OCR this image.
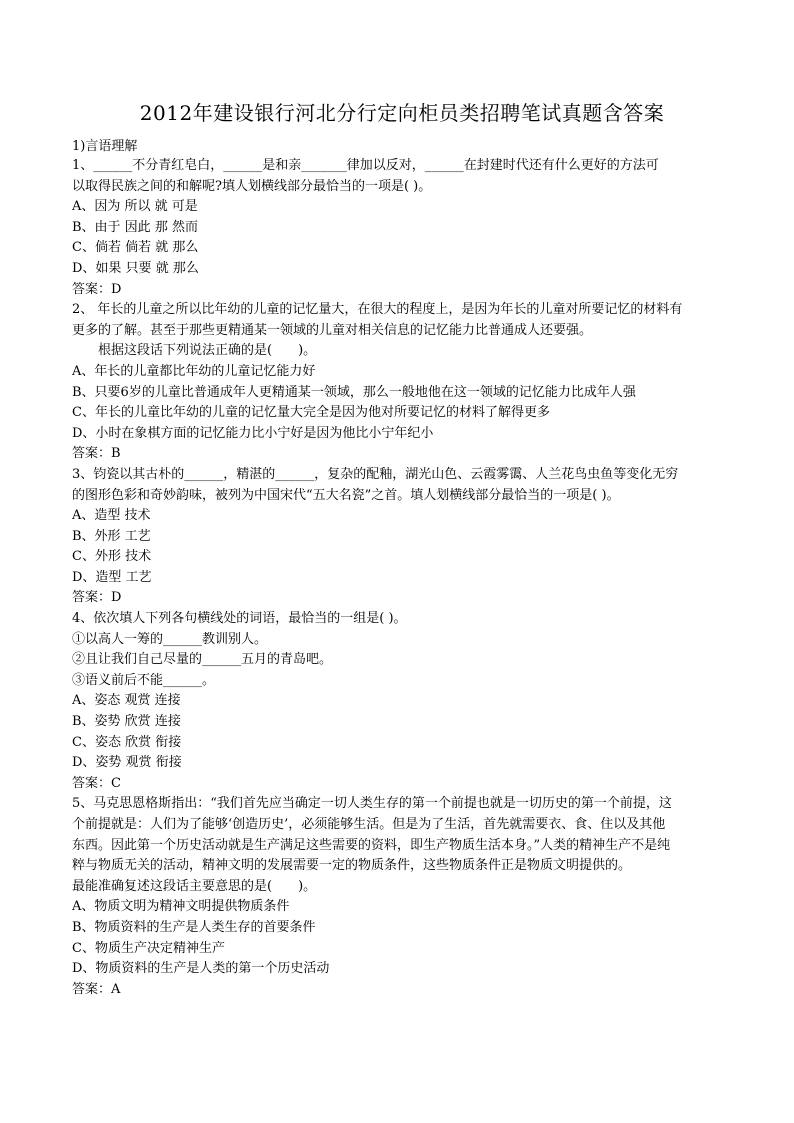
2012年建设银行河北分行定向柜员类招聘笔试真题含答案
1)言语理解
1、______不分青红皂白，______是和亲_______律加以反对，______在封建时代还有什么更好的方法可
以取得民族之间的和解呢?填人划横线部分最恰当的一项是( )。
A、因为 所以 就 可是
B、由于 因此 那 然而
C、倘若 倘若 就 那么
D、如果 只要 就 那么
答案：D
2、 年长的儿童之所以比年幼的儿童的记忆量大，在很大的程度上，是因为年长的儿童对所要记忆的材料有
更多的了解。甚至于那些更精通某一领域的儿童对相关信息的记忆能力比普通成人还要强。
根据这段话下列说法正确的是(　　)。
A、年长的儿童都比年幼的儿童记忆能力好
B、只要6岁的儿童比普通成年人更精通某一领域，那么一般地他在这一领域的记忆能力比成年人强
C、年长的儿童比年幼的儿童的记忆量大完全是因为他对所要记忆的材料了解得更多
D、小时在象棋方面的记忆能力比小宁好是因为他比小宁年纪小
答案：B
3、钧瓷以其古朴的______，精湛的______，复杂的配釉，湖光山色、云霞雾霭、人兰花鸟虫鱼等变化无穷
的图形色彩和奇妙韵味，被列为中国宋代“五大名瓷”之首。填人划横线部分最恰当的一项是( )。
A、造型 技术
B、外形 工艺
C、外形 技术
D、造型 工艺
答案：D
4、依次填人下列各句横线处的词语，最恰当的一组是( )。
①以高人一筹的______教训别人。
②且让我们自己尽量的______五月的青岛吧。
③语义前后不能______。
A、姿态 观赏 连接
B、姿势 欣赏 连接
C、姿态 欣赏 衔接
D、姿势 观赏 衔接
答案：C
5、马克思恩格斯指出：“我们首先应当确定一切人类生存的第一个前提也就是一切历史的第一个前提，这
个前提就是：人们为了能够‘创造历史’，必须能够生活。但是为了生活，首先就需要衣、食、住以及其他
东西。因此第一个历史活动就是生产满足这些需要的资料，即生产物质生活本身。”人类的精神生产不是纯
粹与物质无关的活动，精神文明的发展需要一定的物质条件，这些物质条件正是物质文明提供的。
最能准确复述这段话主要意思的是(　　)。
A、物质文明为精神文明提供物质条件
B、物质资料的生产是人类生存的首要条件
C、物质生产决定精神生产
D、物质资料的生产是人类的第一个历史活动
答案：A
